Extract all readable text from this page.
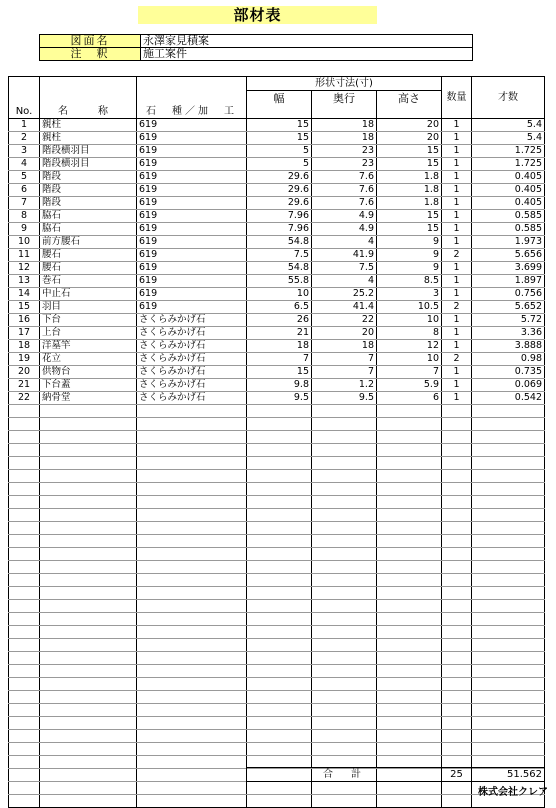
部材表
図面名	永澤家見積案
注　釈	施工案件
No.	名　称	石　種／加　工	形状寸法(寸)			数量	才数
			幅	奥行	高さ		

1	親柱	619	15	18	20	1	5.4
2	親柱	619	15	18	20	1	5.4
3	階段横羽目	619	5	23	15	1	1.725
4	階段横羽目	619	5	23	15	1	1.725
5	階段	619	29.6	7.6	1.8	1	0.405
6	階段	619	29.6	7.6	1.8	1	0.405
7	階段	619	29.6	7.6	1.8	1	0.405
8	脇石	619	7.96	4.9	15	1	0.585
9	脇石	619	7.96	4.9	15	1	0.585
10	前方腰石	619	54.8	4	9	1	1.973
11	腰石	619	7.5	41.9	9	2	5.656
12	腰石	619	54.8	7.5	9	1	3.699
13	巻石	619	55.8	4	8.5	1	1.897
14	中止石	619	10	25.2	3	1	0.756
15	羽目	619	6.5	41.4	10.5	2	5.652
16	下台	さくらみかげ石	26	22	10	1	5.72
17	上台	さくらみかげ石	21	20	8	1	3.36
18	洋墓竿	さくらみかげ石	18	18	12	1	3.888
19	花立	さくらみかげ石	7	7	10	2	0.98
20	供物台	さくらみかげ石	15	7	7	1	0.735
21	下台蓋	さくらみかげ石	9.8	1.2	5.9	1	0.069
22	納骨堂	さくらみかげ石	9.5	9.5	6	1	0.542

合　計	25	51.562
株式会社クレア
